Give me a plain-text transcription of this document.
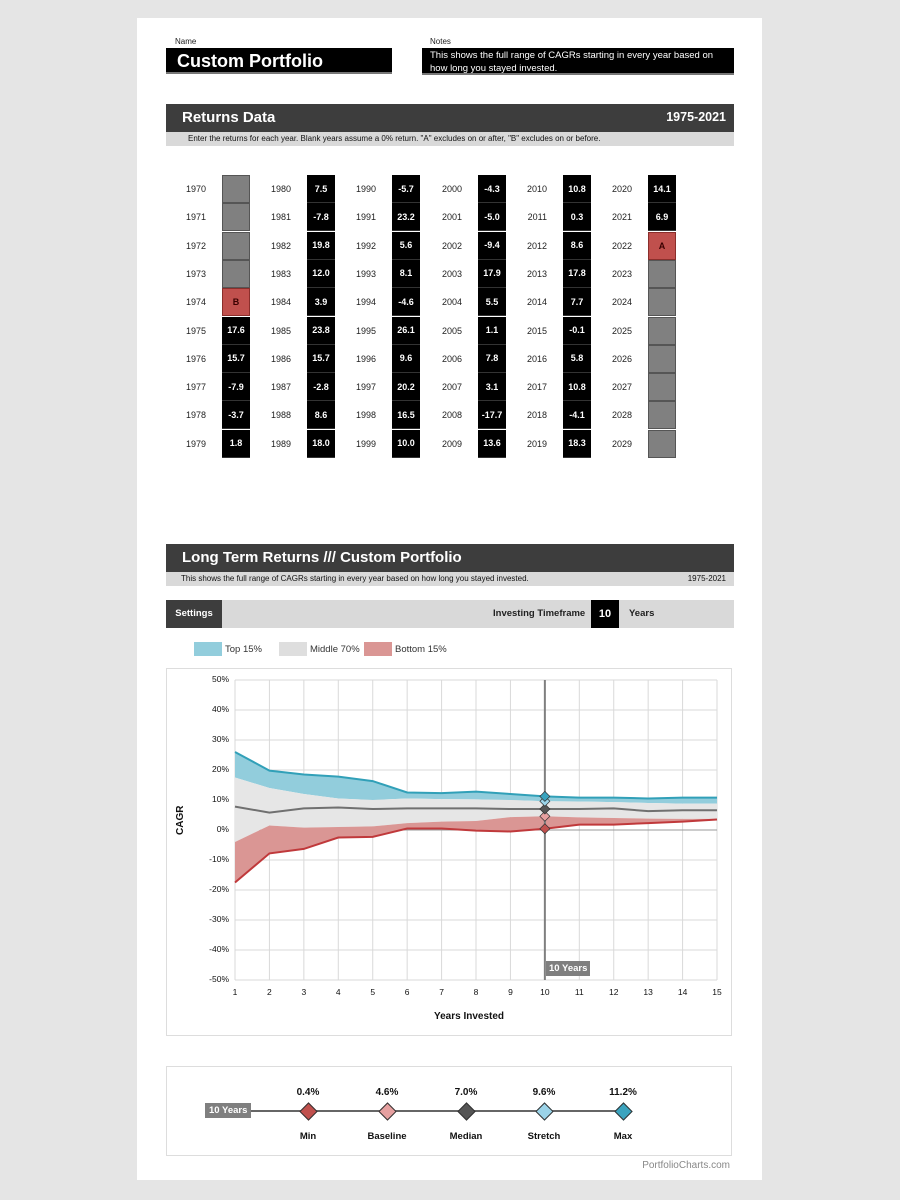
Name
Custom Portfolio
Notes
This shows the full range of CAGRs starting in every year based on how long you stayed invested.
Returns Data	1975-2021
Enter the returns for each year. Blank years assume a 0% return. "A" excludes on or after, "B" excludes on or before.
1970
1971
1972
1973
1974	B
1975	17.6
1976	15.7
1977	-7.9
1978	-3.7
1979	1.8
1980	7.5
1981	-7.8
1982	19.8
1983	12.0
1984	3.9
1985	23.8
1986	15.7
1987	-2.8
1988	8.6
1989	18.0
1990	-5.7
1991	23.2
1992	5.6
1993	8.1
1994	-4.6
1995	26.1
1996	9.6
1997	20.2
1998	16.5
1999	10.0
2000	-4.3
2001	-5.0
2002	-9.4
2003	17.9
2004	5.5
2005	1.1
2006	7.8
2007	3.1
2008	-17.7
2009	13.6
2010	10.8
2011	0.3
2012	8.6
2013	17.8
2014	7.7
2015	-0.1
2016	5.8
2017	10.8
2018	-4.1
2019	18.3
2020	14.1
2021	6.9
2022	A
2023
2024
2025
2026
2027
2028
2029
Long Term Returns /// Custom Portfolio
This shows the full range of CAGRs starting in every year based on how long you stayed invested.	1975-2021
Settings	Investing Timeframe	10	Years
Top 15%	Middle 70%	Bottom 15%
50%
40%
30%
20%
10%
0%
-10%
-20%
-30%
-40%
-50%
1	2	3	4	5	6	7	8	9	10	11	12	13	14	15
CAGR
Years Invested
10 Years
10 Years
0.4%
Min
4.6%
Baseline
7.0%
Median
9.6%
Stretch
11.2%
Max
PortfolioCharts.com
